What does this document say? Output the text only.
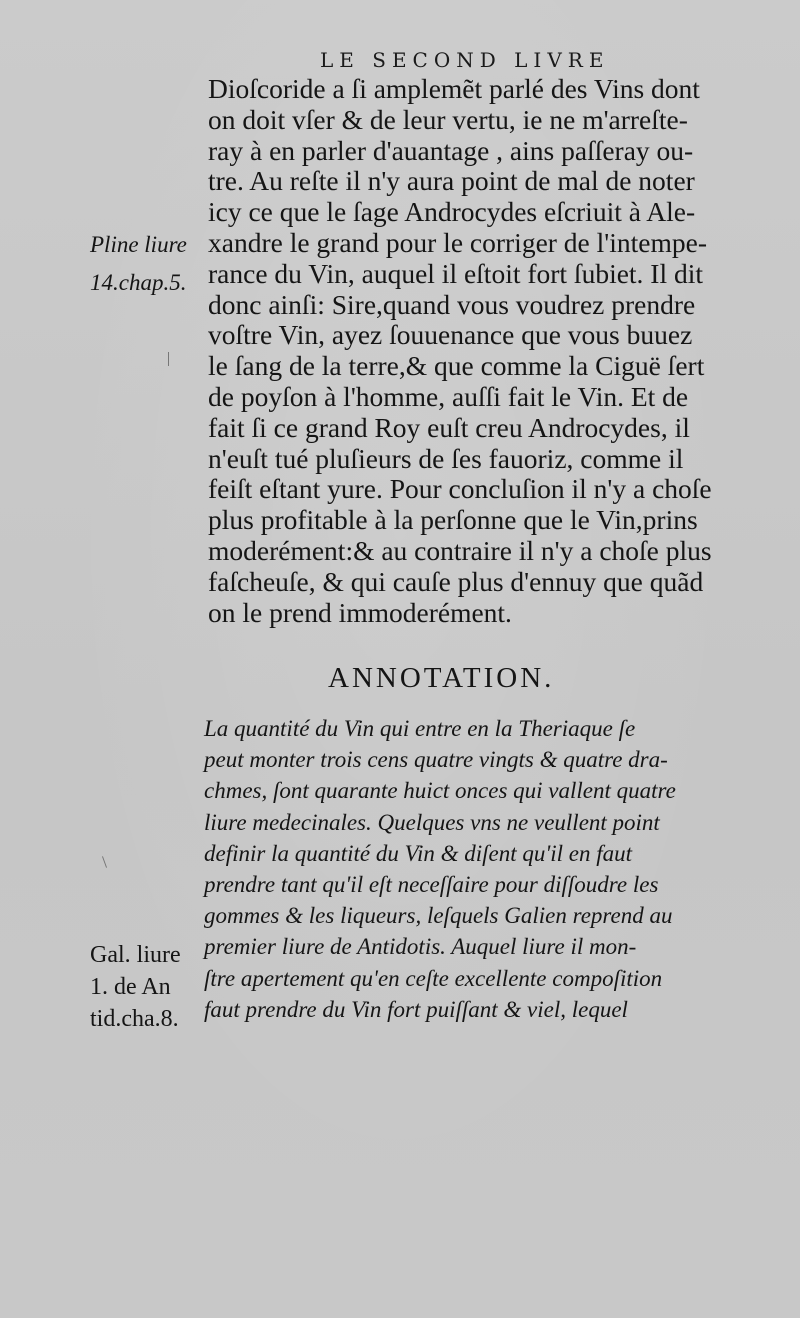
LE SECOND LIVRE
Dioſcoride a ſi amplemẽt parlé des Vins dont
on doit vſer & de leur vertu, ie ne m'arreſte-
ray à en parler d'auantage , ains paſſeray ou-
tre. Au reſte il n'y aura point de mal de noter
icy ce que le ſage Androcydes eſcriuit à Ale-
xandre le grand pour le corriger de l'intempe-
rance du Vin, auquel il eſtoit fort ſubiet. Il dit
donc ainſi: Sire,quand vous voudrez prendre
voſtre Vin, ayez ſouuenance que vous buuez
le ſang de la terre,& que comme la Ciguë ſert
de poyſon à l'homme, auſſi fait le Vin. Et de
fait ſi ce grand Roy euſt creu Androcydes, il
n'euſt tué pluſieurs de ſes fauoriz, comme il
feiſt eſtant yure. Pour concluſion il n'y a choſe
plus profitable à la perſonne que le Vin,prins
moderément:& au contraire il n'y a choſe plus
faſcheuſe, & qui cauſe plus d'ennuy que quãd
on le prend immoderément.
Pline liure
14.chap.5.
ANNOTATION.
La quantité du Vin qui entre en la Theriaque ſe
peut monter trois cens quatre vingts & quatre dra-
chmes, ſont quarante huict onces qui vallent quatre
liure medecinales. Quelques vns ne veullent point
definir la quantité du Vin & diſent qu'il en faut
prendre tant qu'il eſt neceſſaire pour diſſoudre les
gommes & les liqueurs, leſquels Galien reprend au
premier liure de Antidotis. Auquel liure il mon-
ſtre apertement qu'en ceſte excellente compoſition
faut prendre du Vin fort puiſſant & viel, lequel
Gal. liure
1. de An
tid.cha.8.
